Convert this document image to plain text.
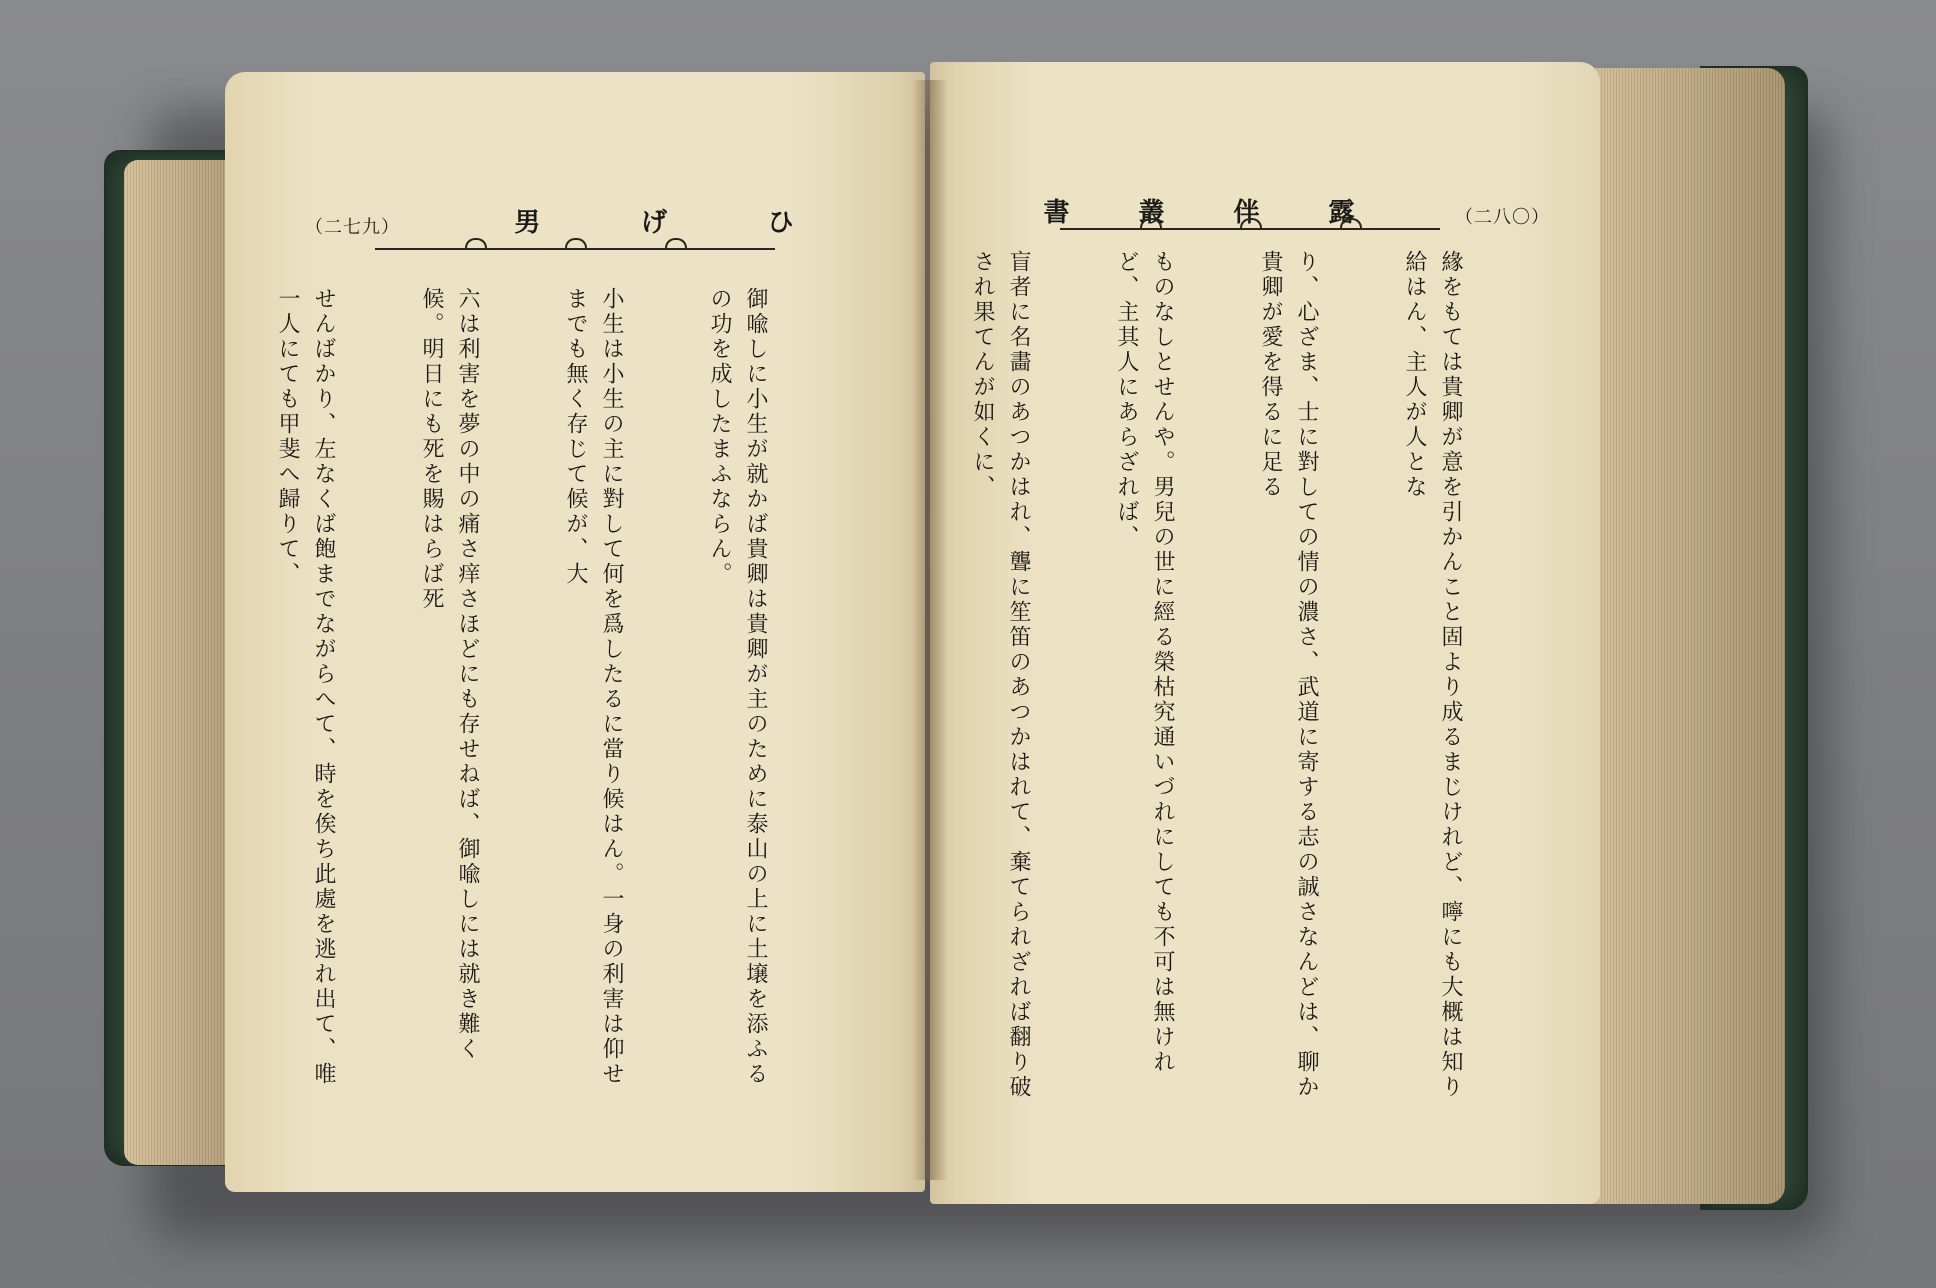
（二七九）	男	げ	ひ

御喩しに小生が就かば貴卿は貴卿が主のために泰山の上に土壌を添ふるの功を成したまふならん。

小生は小生の主に對して何を爲したるに當り候はん。一身の利害は仰せまでも無く存じて候が、大

六は利害を夢の中の痛さ痒さほどにも存せねば、御喩しには就き難く候。明日にも死を賜はらば死

せんばかり、左なくば飽までながらへて、時を俟ち此處を逃れ出て、唯一人にても甲斐へ歸りて、

書	叢	伴	露	（二八〇）

緣をもては貴卿が意を引かんこと固より成るまじけれど、嚀にも大概は知り給はん、主人が人とな

り、心ざま、士に對しての情の濃さ、武道に寄する志の誠さなんどは、聊か貴卿が愛を得るに足る

ものなしとせんや。男兒の世に經る榮枯究通いづれにしても不可は無けれど、主其人にあらざれば、

盲者に名畵のあつかはれ、聾に笙笛のあつかはれて、棄てられざれば翻り破され果てんが如くに、
